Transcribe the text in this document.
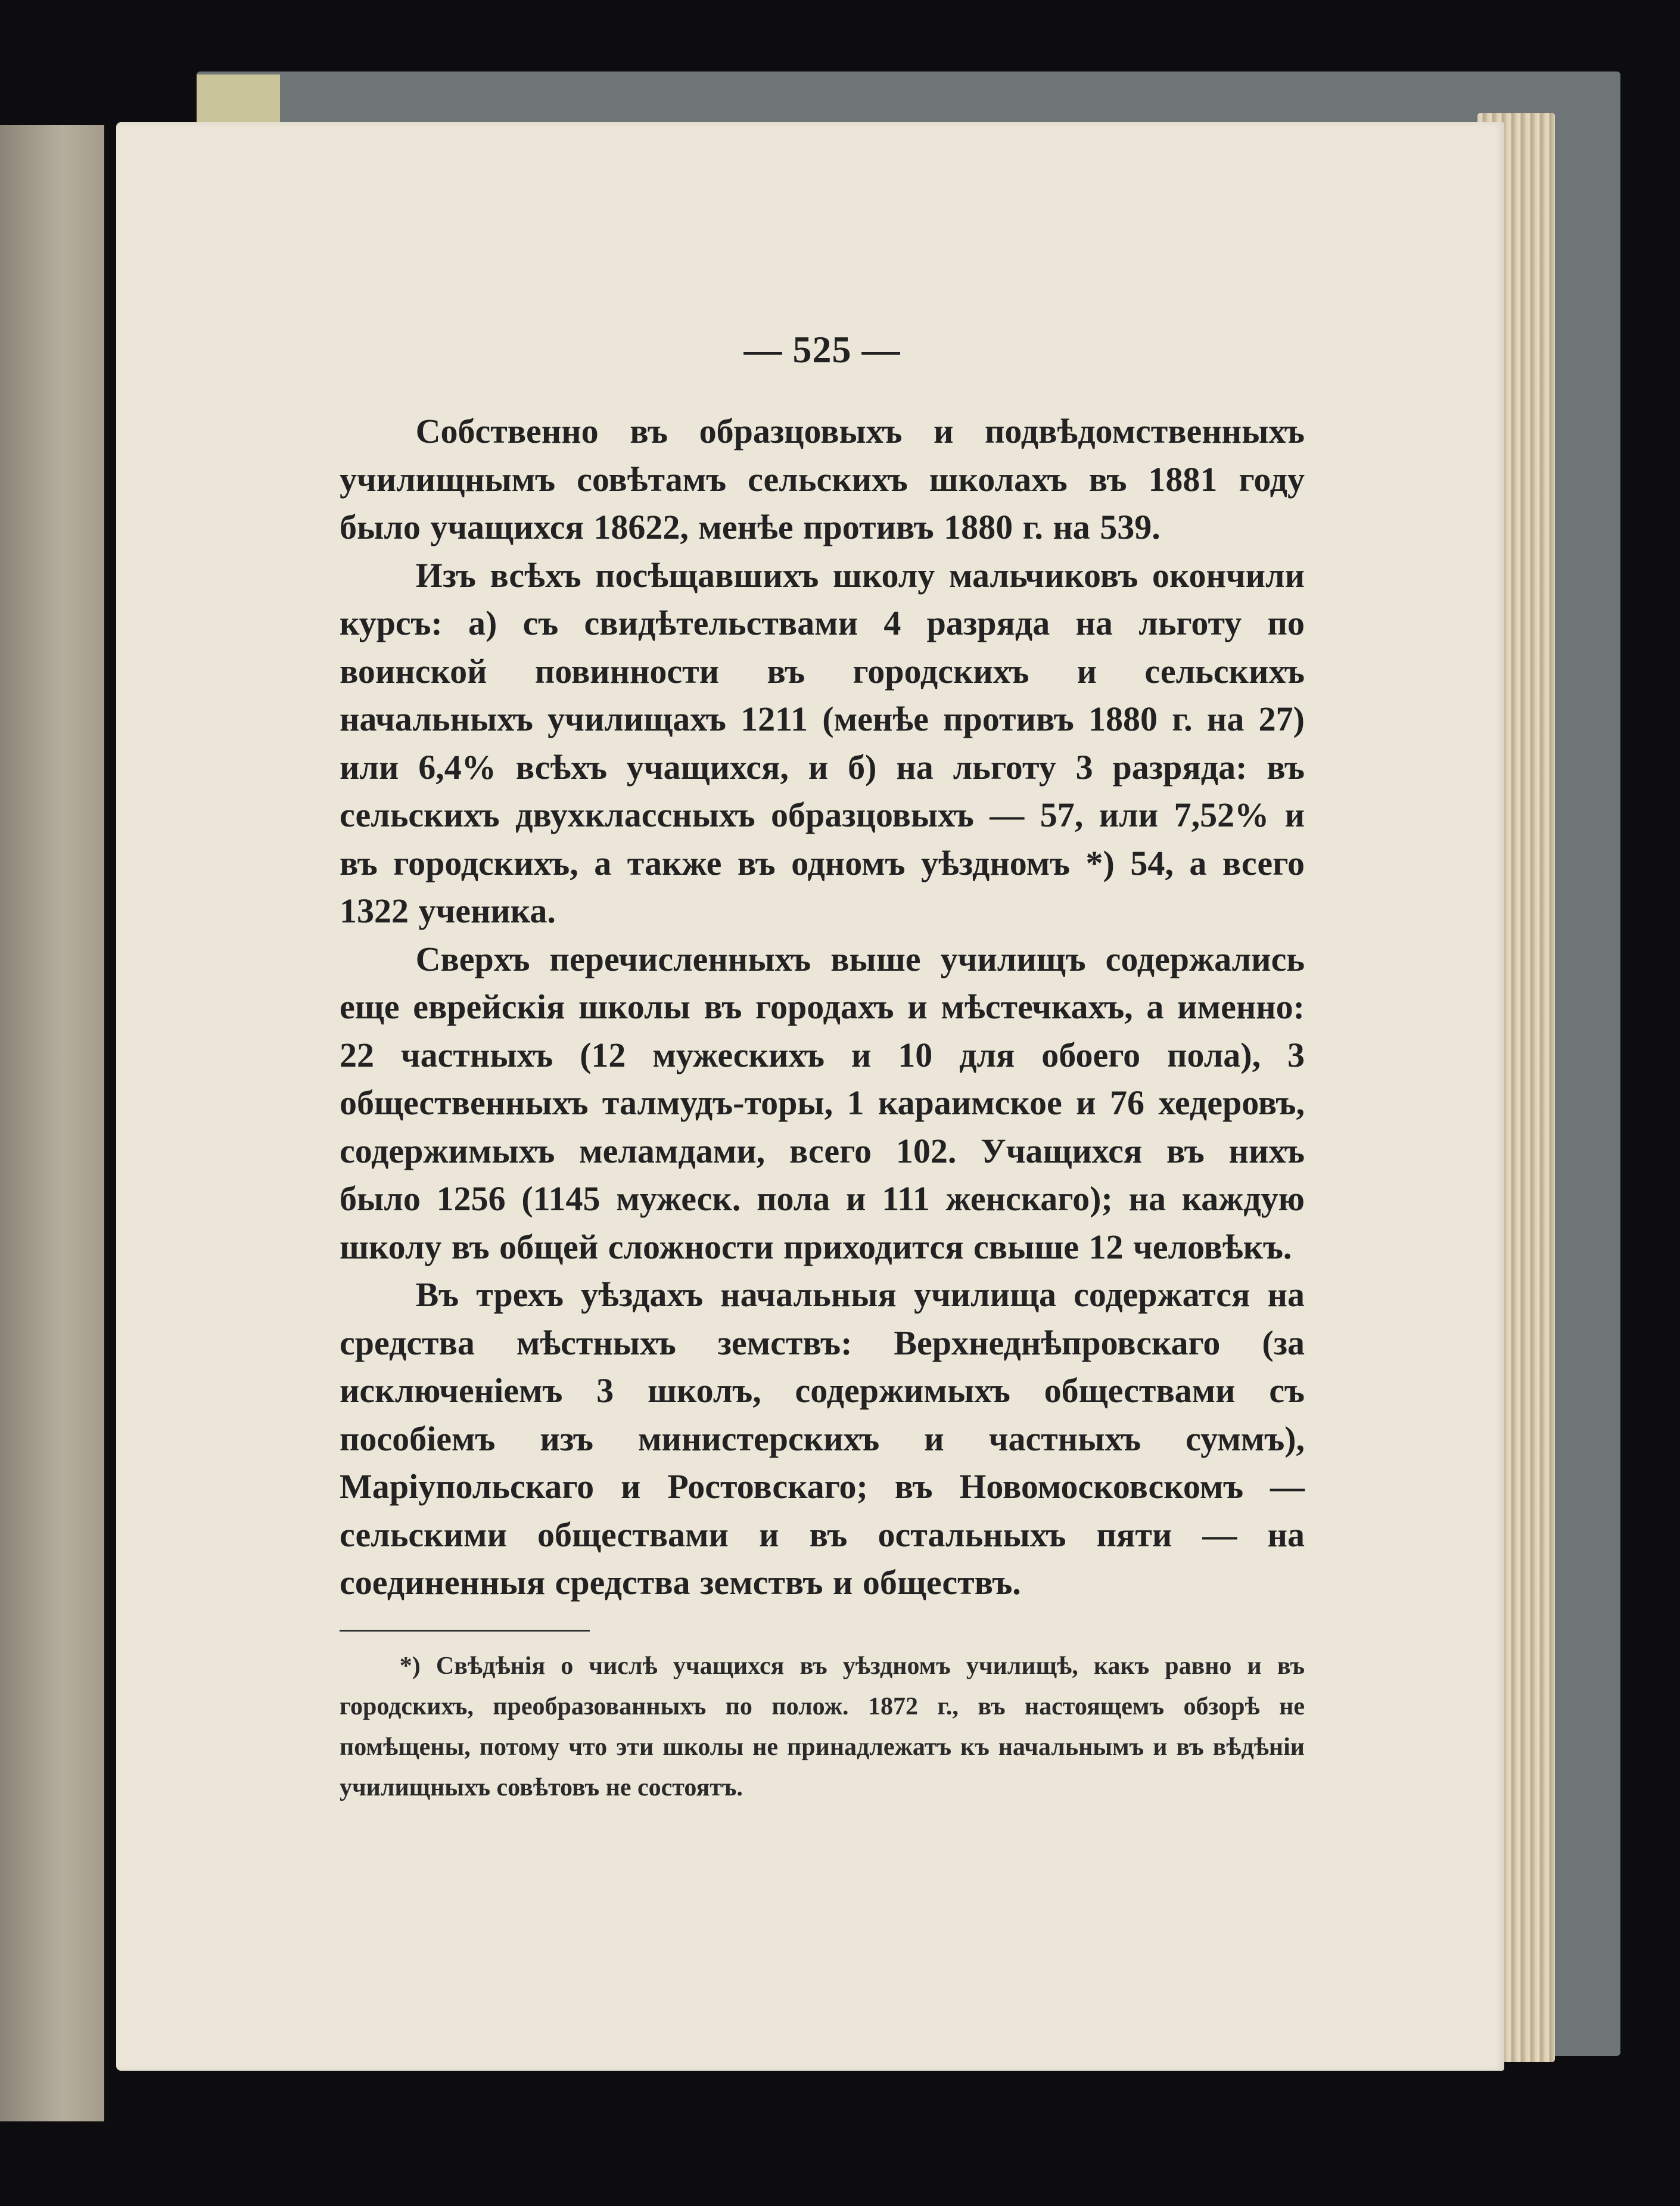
— 525 —

Собственно въ образцовыхъ и подвѣдомственныхъ училищнымъ совѣтамъ сельскихъ школахъ въ 1881 году было учащихся 18622, менѣе противъ 1880 г. на 539.

Изъ всѣхъ посѣщавшихъ школу мальчиковъ окончили курсъ: а) съ свидѣтельствами 4 разряда на льготу по воинской повинности въ городскихъ и сельскихъ начальныхъ училищахъ 1211 (менѣе противъ 1880 г. на 27) или 6,4% всѣхъ учащихся, и б) на льготу 3 разряда: въ сельскихъ двухклассныхъ образцовыхъ — 57, или 7,52% и въ городскихъ, а также въ одномъ уѣздномъ *) 54, а всего 1322 ученика.

Сверхъ перечисленныхъ выше училищъ содержались еще еврейскія школы въ городахъ и мѣстечкахъ, а именно: 22 частныхъ (12 мужескихъ и 10 для обоего пола), 3 общественныхъ талмудъ-торы, 1 караимское и 76 хедеровъ, содержимыхъ меламдами, всего 102. Учащихся въ нихъ было 1256 (1145 мужеск. пола и 111 женскаго); на каждую школу въ общей сложности приходится свыше 12 человѣкъ.

Въ трехъ уѣздахъ начальныя училища содержатся на средства мѣстныхъ земствъ: Верхнеднѣпровскаго (за исключеніемъ 3 школъ, содержимыхъ обществами съ пособіемъ изъ министерскихъ и частныхъ суммъ), Маріупольскаго и Ростовскаго; въ Новомосковскомъ — сельскими обществами и въ остальныхъ пяти — на соединенныя средства земствъ и обществъ.

*) Свѣдѣнія о числѣ учащихся въ уѣздномъ училищѣ, какъ равно и въ городскихъ, преобразованныхъ по полож. 1872 г., въ настоящемъ обзорѣ не помѣщены, потому что эти школы не принадлежатъ къ начальнымъ и въ вѣдѣніи училищныхъ совѣтовъ не состоятъ.
